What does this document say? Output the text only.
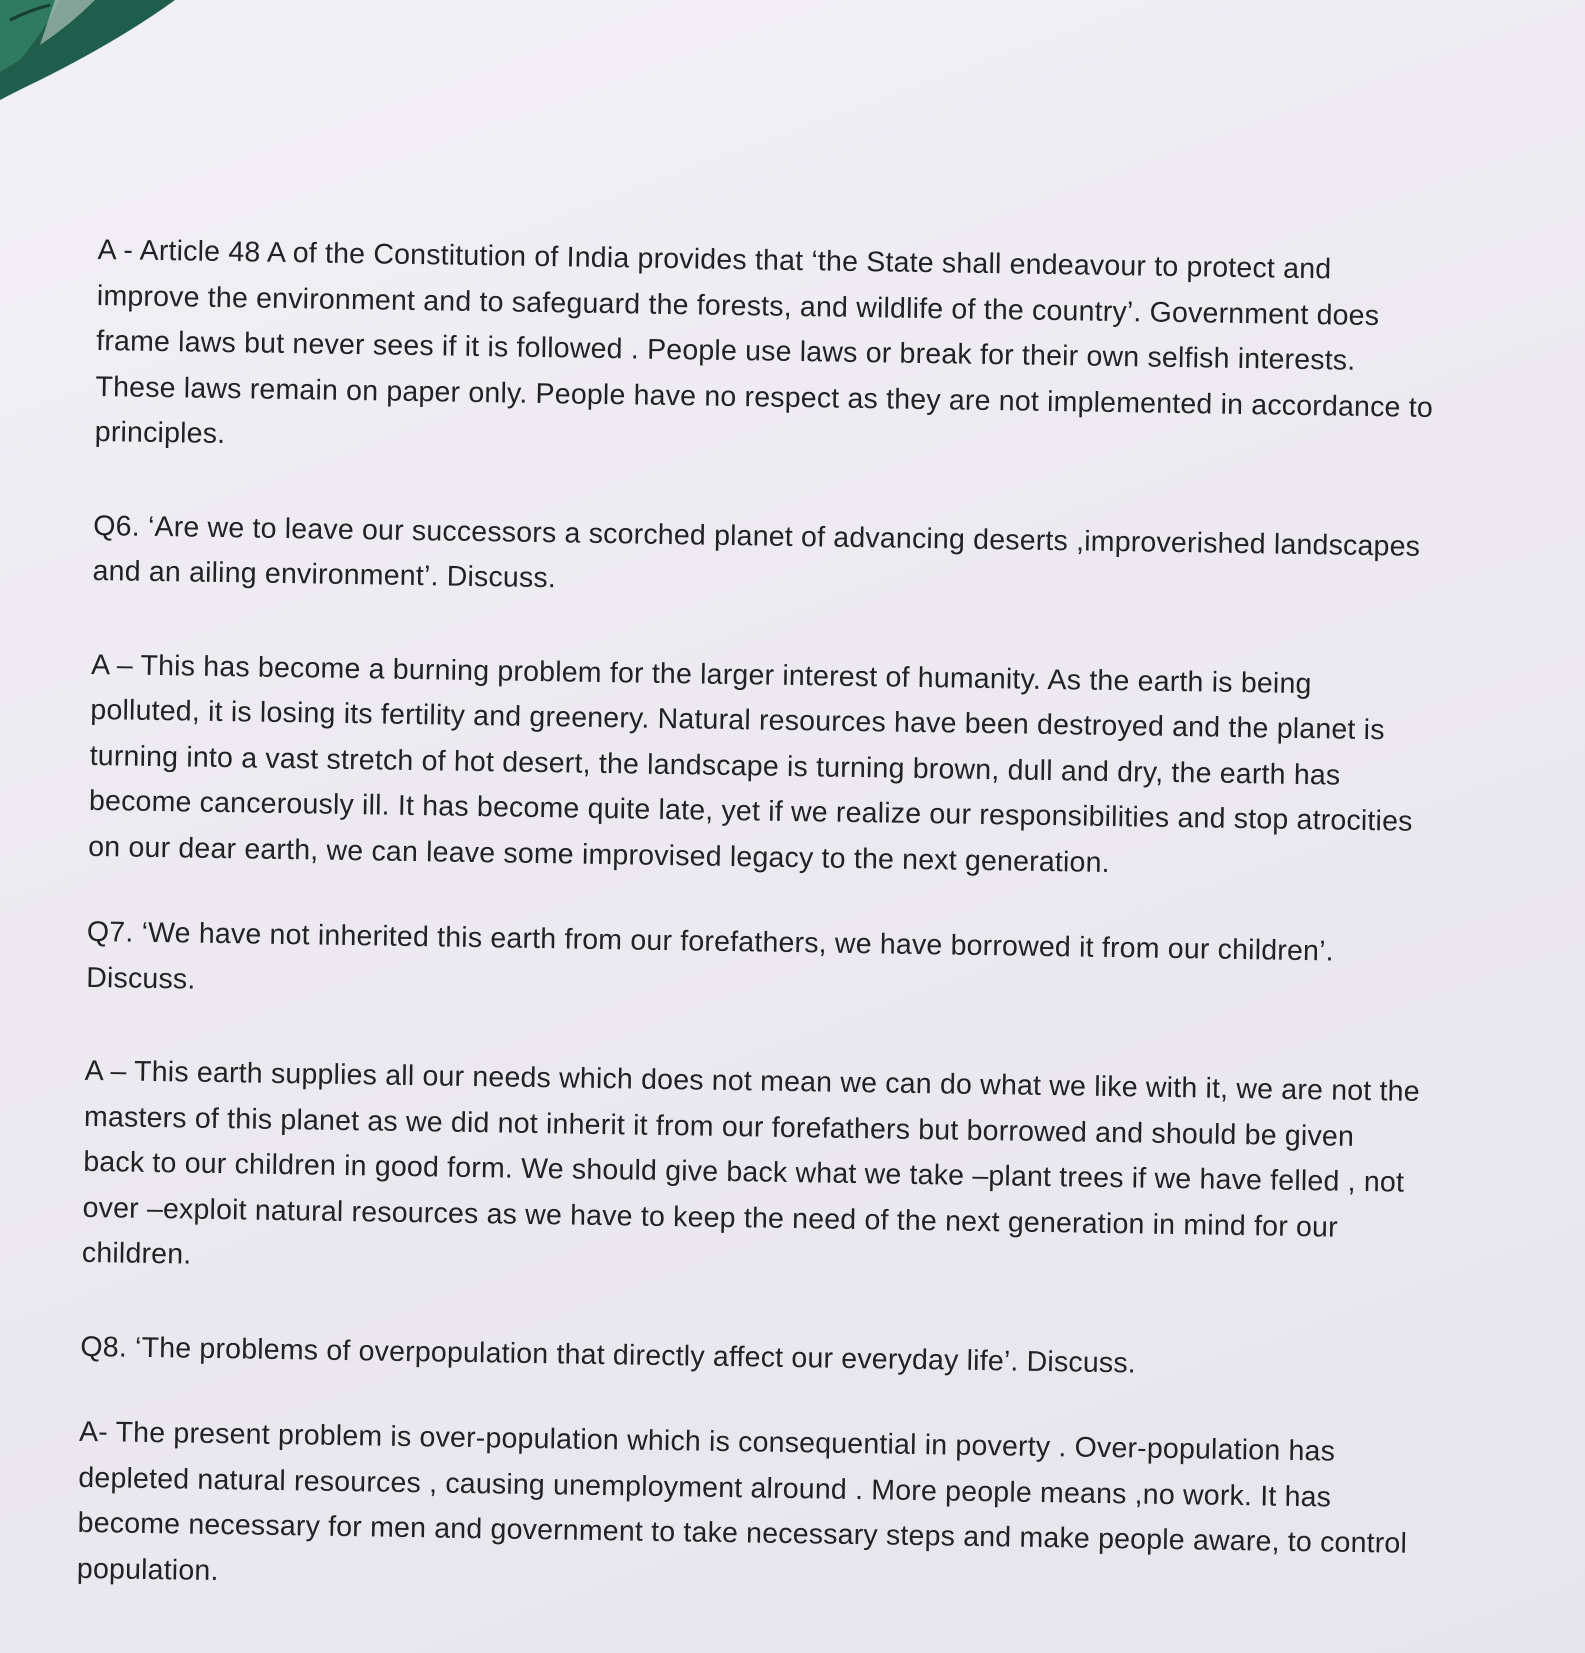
A - Article 48 A of the Constitution of India provides that ‘the State shall endeavour to protect and
improve the environment and to safeguard the forests, and wildlife of the country’. Government does
frame laws but never sees if it is followed . People use laws or break for their own selfish interests.
These laws remain on paper only. People have no respect as they are not implemented in accordance to
principles.

Q6. ‘Are we to leave our successors a scorched planet of advancing deserts ,improverished landscapes
and an ailing environment’. Discuss.

A – This has become a burning problem for the larger interest of humanity. As the earth is being
polluted, it is losing its fertility and greenery. Natural resources have been destroyed and the planet is
turning into a vast stretch of hot desert, the landscape is turning brown, dull and dry, the earth has
become cancerously ill. It has become quite late, yet if we realize our responsibilities and stop atrocities
on our dear earth, we can leave some improvised legacy to the next generation.

Q7. ‘We have not inherited this earth from our forefathers, we have borrowed it from our children’.
Discuss.

A – This earth supplies all our needs which does not mean we can do what we like with it, we are not the
masters of this planet as we did not inherit it from our forefathers but borrowed and should be given
back to our children in good form. We should give back what we take –plant trees if we have felled , not
over –exploit natural resources as we have to keep the need of the next generation in mind for our
children.

Q8. ‘The problems of overpopulation that directly affect our everyday life’. Discuss.

A- The present problem is over-population which is consequential in poverty . Over-population has
depleted natural resources , causing unemployment alround . More people means ,no work. It has
become necessary for men and government to take necessary steps and make people aware, to control
population.
